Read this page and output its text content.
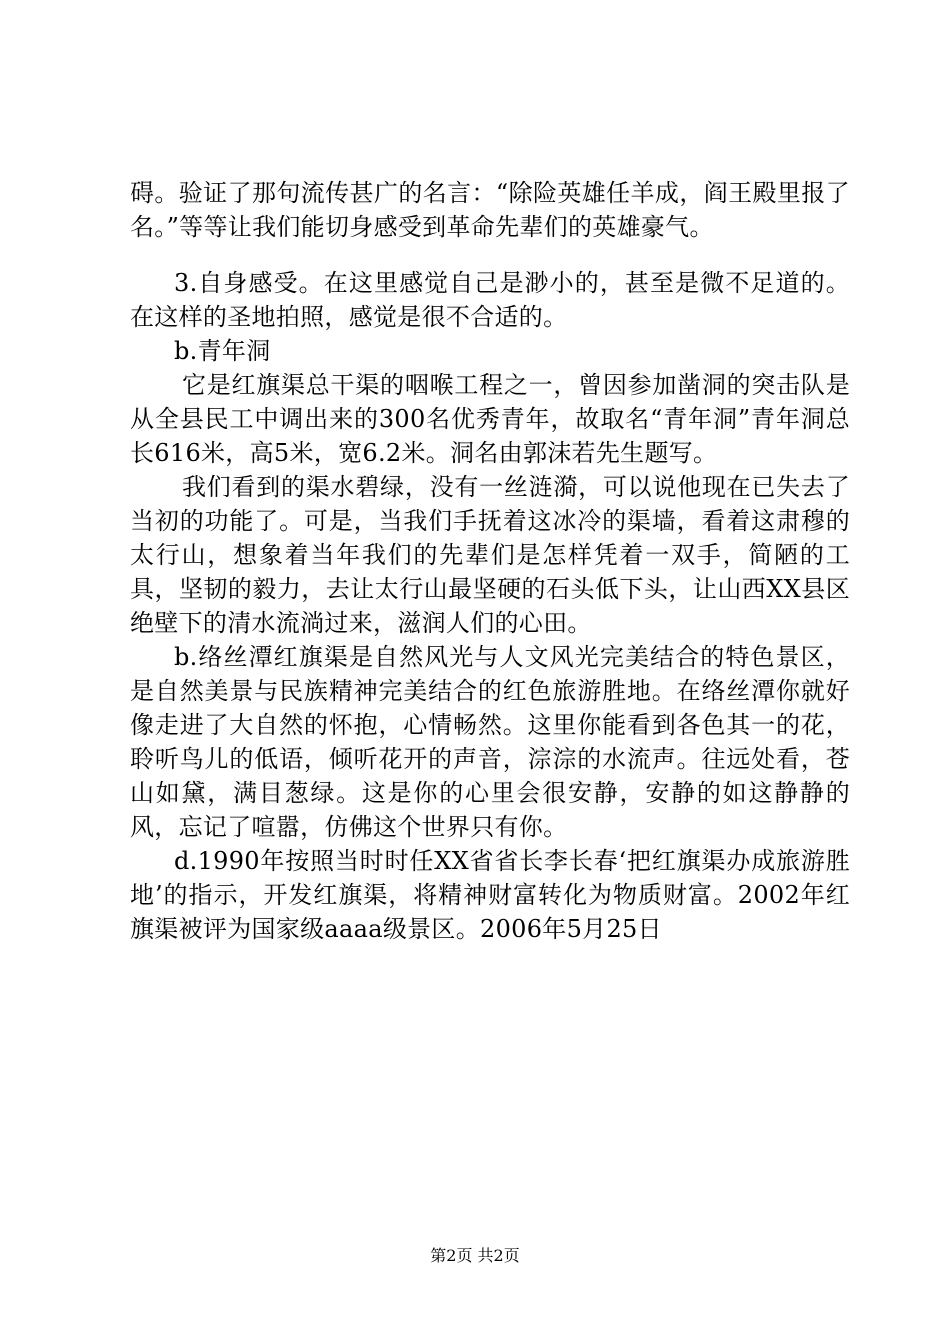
碍。验证了那句流传甚广的名言：“除险英雄任羊成，阎王殿里报了名。”等等让我们能切身感受到革命先辈们的英雄豪气。

3.自身感受。在这里感觉自己是渺小的，甚至是微不足道的。在这样的圣地拍照，感觉是很不合适的。

b.青年洞

它是红旗渠总干渠的咽喉工程之一，曾因参加凿洞的突击队是从全县民工中调出来的300名优秀青年，故取名“青年洞”青年洞总长616米，高5米，宽6.2米。洞名由郭沫若先生题写。

我们看到的渠水碧绿，没有一丝涟漪，可以说他现在已失去了当初的功能了。可是，当我们手抚着这冰冷的渠墙，看着这肃穆的太行山，想象着当年我们的先辈们是怎样凭着一双手，简陋的工具，坚韧的毅力，去让太行山最坚硬的石头低下头，让山西XX县区绝壁下的清水流淌过来，滋润人们的心田。

b.络丝潭红旗渠是自然风光与人文风光完美结合的特色景区，是自然美景与民族精神完美结合的红色旅游胜地。在络丝潭你就好像走进了大自然的怀抱，心情畅然。这里你能看到各色其一的花，聆听鸟儿的低语，倾听花开的声音，淙淙的水流声。往远处看，苍山如黛，满目葱绿。这是你的心里会很安静，安静的如这静静的风，忘记了喧嚣，仿佛这个世界只有你。

d.1990年按照当时时任XX省省长李长春‘把红旗渠办成旅游胜地’的指示，开发红旗渠，将精神财富转化为物质财富。2002年红旗渠被评为国家级aaaa级景区。2006年5月25日

第2页 共2页
